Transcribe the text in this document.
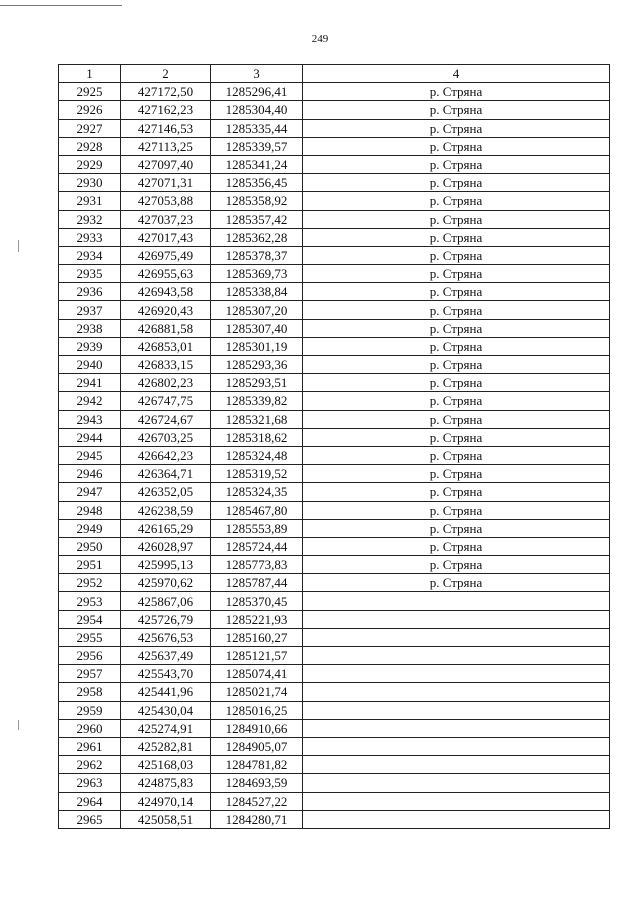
249
1	2	3	4
2925	427172,50	1285296,41	р. Стряна
2926	427162,23	1285304,40	р. Стряна
2927	427146,53	1285335,44	р. Стряна
2928	427113,25	1285339,57	р. Стряна
2929	427097,40	1285341,24	р. Стряна
2930	427071,31	1285356,45	р. Стряна
2931	427053,88	1285358,92	р. Стряна
2932	427037,23	1285357,42	р. Стряна
2933	427017,43	1285362,28	р. Стряна
2934	426975,49	1285378,37	р. Стряна
2935	426955,63	1285369,73	р. Стряна
2936	426943,58	1285338,84	р. Стряна
2937	426920,43	1285307,20	р. Стряна
2938	426881,58	1285307,40	р. Стряна
2939	426853,01	1285301,19	р. Стряна
2940	426833,15	1285293,36	р. Стряна
2941	426802,23	1285293,51	р. Стряна
2942	426747,75	1285339,82	р. Стряна
2943	426724,67	1285321,68	р. Стряна
2944	426703,25	1285318,62	р. Стряна
2945	426642,23	1285324,48	р. Стряна
2946	426364,71	1285319,52	р. Стряна
2947	426352,05	1285324,35	р. Стряна
2948	426238,59	1285467,80	р. Стряна
2949	426165,29	1285553,89	р. Стряна
2950	426028,97	1285724,44	р. Стряна
2951	425995,13	1285773,83	р. Стряна
2952	425970,62	1285787,44	р. Стряна
2953	425867,06	1285370,45	
2954	425726,79	1285221,93	
2955	425676,53	1285160,27	
2956	425637,49	1285121,57	
2957	425543,70	1285074,41	
2958	425441,96	1285021,74	
2959	425430,04	1285016,25	
2960	425274,91	1284910,66	
2961	425282,81	1284905,07	
2962	425168,03	1284781,82	
2963	424875,83	1284693,59	
2964	424970,14	1284527,22	
2965	425058,51	1284280,71	
